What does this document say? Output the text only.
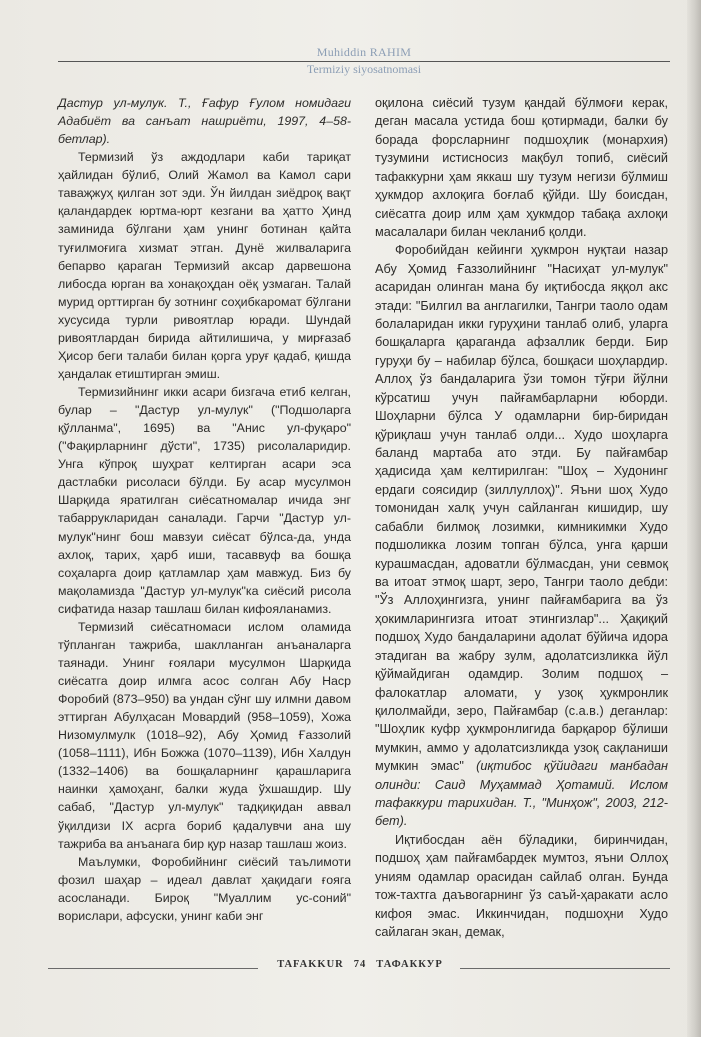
Muhiddin RAHIM
Termiziy siyosatnomasi

Дастур ул-мулук. Т., Ғафур Ғулом номидаги Адабиёт ва санъат нашриёти, 1997, 4–58-бетлар).

Термизий ўз аждодлари каби тариқат ҳайлидан бўлиб, Олий Жамол ва Камол сари таваҗжуҳ қилган зот эди. Ўн йилдан зиёдроқ вақт қаландардек юртма-юрт кезгани ва ҳатто Ҳинд заминида бўлгани ҳам унинг ботинан қайта туғилмоғига хизмат этган. Дунё жилваларига бепарво қараган Термизий аксар дарвешона либосда юрган ва хонақоҳдан оёқ узмаган. Талай мурид орттирган бу зотнинг соҳибкаромат бўлгани хусусида турли ривоятлар юради. Шундай ривоятлардан бирида айтилишича, у мирғазаб Ҳисор беги талаби билан қорга уруғ қадаб, қишда ҳандалак етиштирган эмиш.

Термизийнинг икки асари бизгача етиб келган, булар – "Дастур ул-мулук" ("Подшоларга қўлланма", 1695) ва "Анис ул-фуқаро" ("Фақирларнинг дўсти", 1735) рисолаларидир. Унга кўпроқ шуҳрат келтирган асари эса дастлабки рисоласи бўлди. Бу асар мусулмон Шарқида яратилган сиёсатномалар ичида энг табаррукларидан саналади. Гарчи "Дастур ул-мулук"нинг бош мавзуи сиёсат бўлса-да, унда ахлоқ, тарих, ҳарб иши, тасаввуф ва бошқа соҳаларга доир қатламлар ҳам мавжуд. Биз бу мақоламизда "Дастур ул-мулук"ка сиёсий рисола сифатида назар ташлаш билан кифояланамиз.

Термизий сиёсатномаси ислом оламида тўпланган тажриба, шаклланган анъаналарга таянади. Унинг ғоялари мусулмон Шарқида сиёсатга доир илмга асос солган Абу Наср Форобий (873–950) ва ундан сўнг шу илмни давом эттирган Абулҳасан Мовардий (958–1059), Хожа Низомулмулк (1018–92), Абу Ҳомид Ғаззолий (1058–1111), Ибн Божжа (1070–1139), Ибн Халдун (1332–1406) ва бошқаларнинг қарашларига наинки ҳамоҳанг, балки жуда ўхшашдир. Шу сабаб, "Дастур ул-мулук" тадқиқидан аввал ўқилдизи IX асрга бориб қадалувчи ана шу тажриба ва анъанага бир қур назар ташлаш жоиз.

Маълумки, Форобийнинг сиёсий таълимоти фозил шаҳар – идеал давлат ҳақидаги ғояга асосланади. Бироқ "Муаллим ус-соний" ворислари, афсуски, унинг каби энг

оқилона сиёсий тузум қандай бўлмоғи керак, деган масала устида бош қотирмади, балки бу борада форсларнинг подшоҳлик (монархия) тузумини истисносиз мақбул топиб, сиёсий тафаккурни ҳам яккаш шу тузум негизи бўлмиш ҳукмдор ахлоқига боғлаб қўйди. Шу боисдан, сиёсатга доир илм ҳам ҳукмдор табақа ахлоқи масалалари билан чекланиб қолди.

Форобийдан кейинги ҳукмрон нуқтаи назар Абу Ҳомид Ғаззолийнинг "Насиҳат ул-мулук" асаридан олинган мана бу иқтибосда яққол акс этади: "Билгил ва англагилки, Тангри таоло одам болаларидан икки гуруҳини танлаб олиб, уларга бошқаларга қараганда афзаллик берди. Бир гуруҳи бу – набилар бўлса, бошқаси шоҳлардир. Аллоҳ ўз бандаларига ўзи томон тўғри йўлни кўрсатиш учун пайғамбарларни юборди. Шоҳларни бўлса У одамларни бир-биридан қўриқлаш учун танлаб олди... Худо шоҳларга баланд мартаба ато этди. Бу пайғамбар ҳадисида ҳам келтирилган: "Шоҳ – Худонинг ердаги соясидир (зиллуллоҳ)". Яъни шоҳ Худо томонидан халқ учун сайланган кишидир, шу сабабли билмоқ лозимки, кимникимки Худо подшоликка лозим топган бўлса, унга қарши курашмасдан, адоватли бўлмасдан, уни севмоқ ва итоат этмоқ шарт, зеро, Тангри таоло дебди: "Ўз Аллоҳингизга, унинг пайғамбарига ва ўз ҳокимларингизга итоат этингизлар"... Ҳақиқий подшоҳ Худо бандаларини адолат бўйича идора этадиган ва жабру зулм, адолатсизликка йўл қўймайдиган одамдир. Золим подшоҳ – фалокатлар аломати, у узоқ ҳукмронлик қилолмайди, зеро, Пайғамбар (с.а.в.) деганлар: "Шоҳлик куфр ҳукмронлигида барқарор бўлиши мумкин, аммо у адолатсизликда узоқ сақланиши мумкин эмас" (иқтибос қўйидаги манбадан олинди: Саид Муҳаммад Ҳотамий. Ислом тафаккури тарихидан. Т., "Минҳож", 2003, 212-бет).

Иқтибосдан аён бўладики, биринчидан, подшоҳ ҳам пайғамбардек мумтоз, яъни Оллоҳ униям одамлар орасидан сайлаб олган. Бунда тож-тахтга даъвогарнинг ўз саъй-ҳаракати асло кифоя эмас. Иккинчидан, подшоҳни Худо сайлаган экан, демак,

TAFAKKUR 74 ТАФАККУР
